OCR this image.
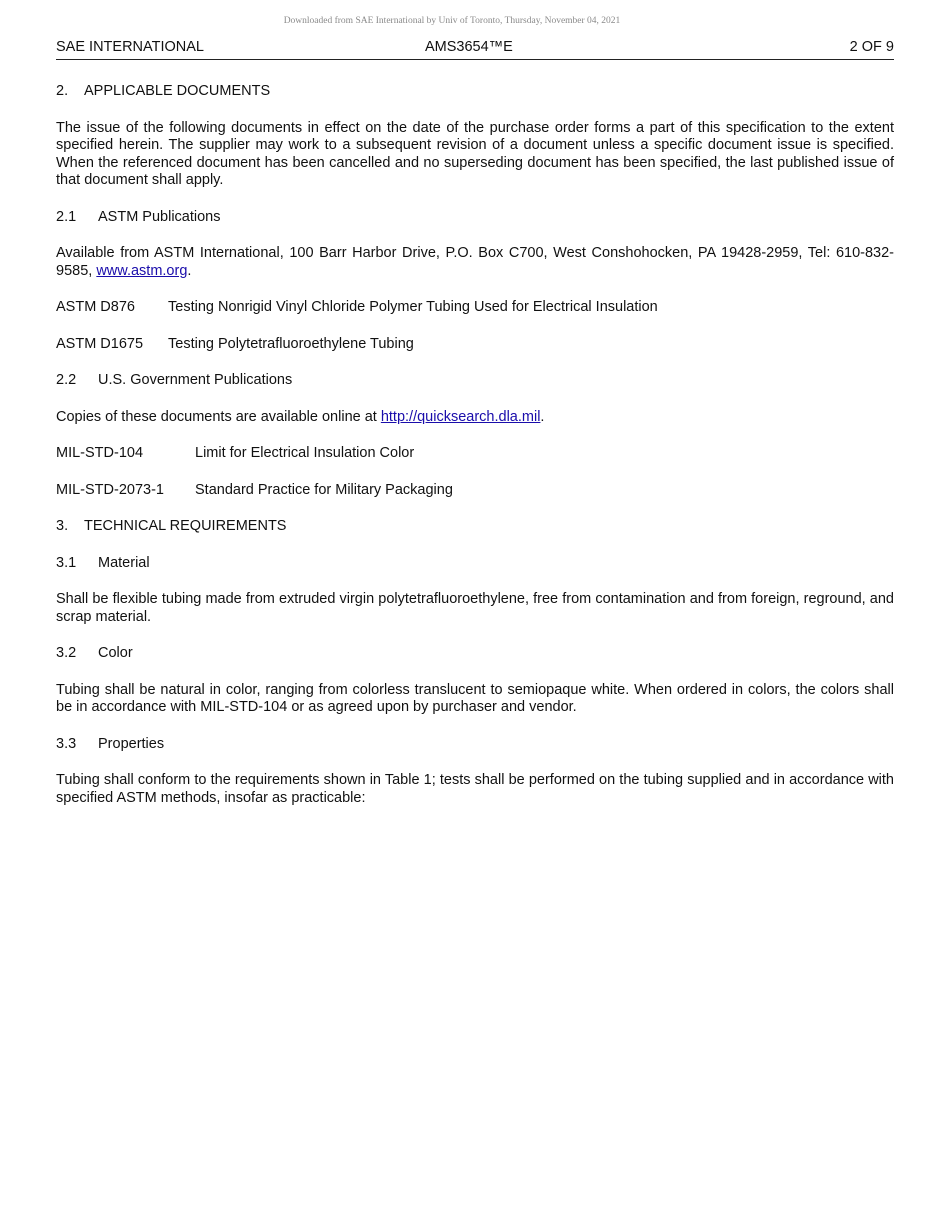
Downloaded from SAE International by Univ of Toronto, Thursday, November 04, 2021
SAE INTERNATIONAL	AMS3654™E	2 OF 9
2.	APPLICABLE DOCUMENTS

The issue of the following documents in effect on the date of the purchase order forms a part of this specification to the extent specified herein. The supplier may work to a subsequent revision of a document unless a specific document issue is specified. When the referenced document has been cancelled and no superseding document has been specified, the last published issue of that document shall apply.

2.1	ASTM Publications

Available from ASTM International, 100 Barr Harbor Drive, P.O. Box C700, West Conshohocken, PA 19428-2959, Tel: 610-832-9585, www.astm.org.

ASTM D876	Testing Nonrigid Vinyl Chloride Polymer Tubing Used for Electrical Insulation
ASTM D1675	Testing Polytetrafluoroethylene Tubing
2.2	U.S. Government Publications

Copies of these documents are available online at http://quicksearch.dla.mil.

MIL-STD-104	Limit for Electrical Insulation Color
MIL-STD-2073-1	Standard Practice for Military Packaging
3.	TECHNICAL REQUIREMENTS
3.1	Material

Shall be flexible tubing made from extruded virgin polytetrafluoroethylene, free from contamination and from foreign, reground, and scrap material.

3.2	Color

Tubing shall be natural in color, ranging from colorless translucent to semiopaque white. When ordered in colors, the colors shall be in accordance with MIL-STD-104 or as agreed upon by purchaser and vendor.

3.3	Properties

Tubing shall conform to the requirements shown in Table 1; tests shall be performed on the tubing supplied and in accordance with specified ASTM methods, insofar as practicable:
